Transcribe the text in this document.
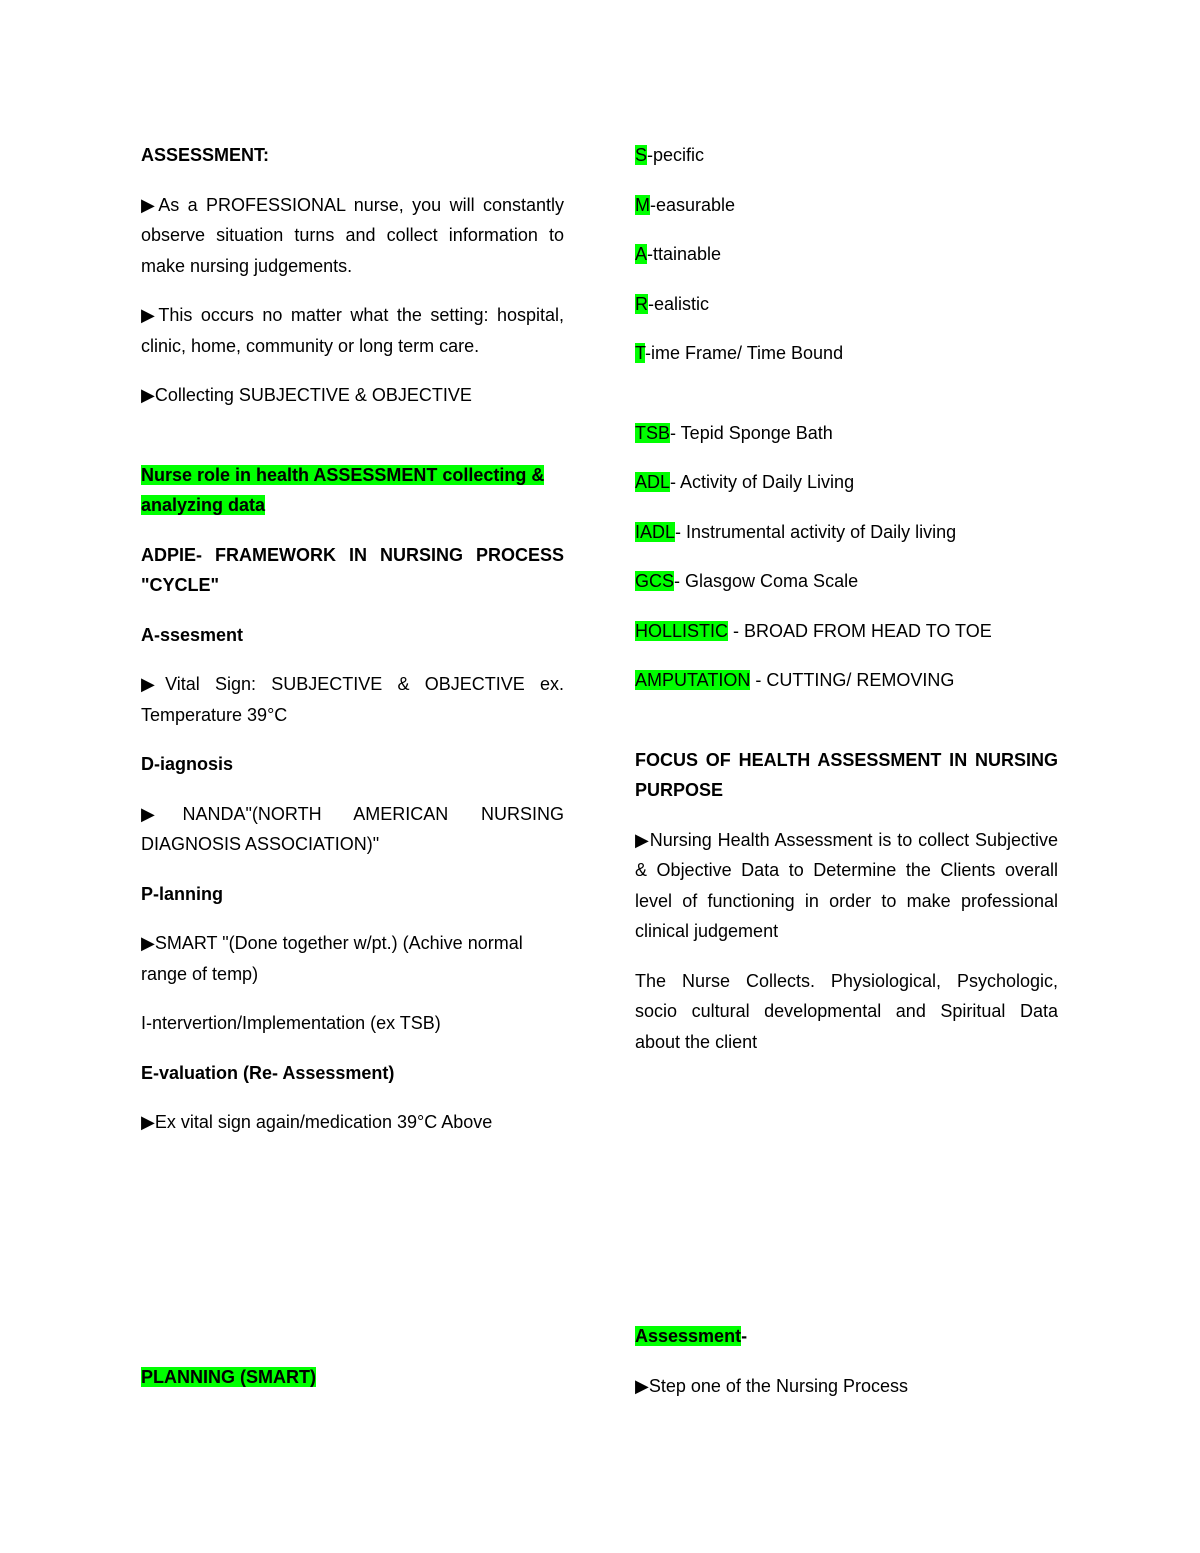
ASSESSMENT:

▶As a PROFESSIONAL nurse, you will constantly observe situation turns and collect information to make nursing judgements.

▶This occurs no matter what the setting: hospital, clinic, home, community or long term care.

▶Collecting SUBJECTIVE & OBJECTIVE

Nurse role in health ASSESSMENT collecting & analyzing data

ADPIE- FRAMEWORK IN NURSING PROCESS "CYCLE"

A-ssesment

▶Vital Sign: SUBJECTIVE & OBJECTIVE ex. Temperature 39°C

D-iagnosis

▶NANDA"(NORTH AMERICAN NURSING

DIAGNOSIS ASSOCIATION)"

P-lanning

▶SMART "(Done together w/pt.) (Achive normal range of temp)

I-ntervertion/Implementation (ex TSB)

E-valuation (Re- Assessment)

▶Ex vital sign again/medication 39°C Above

PLANNING (SMART)

S-pecific

M-easurable

A-ttainable

R-ealistic

T-ime Frame/ Time Bound

TSB- Tepid Sponge Bath

ADL- Activity of Daily Living

IADL- Instrumental activity of Daily living

GCS- Glasgow Coma Scale

HOLLISTIC - BROAD FROM HEAD TO TOE

AMPUTATION - CUTTING/ REMOVING

FOCUS OF HEALTH ASSESSMENT IN NURSING PURPOSE

▶Nursing Health Assessment is to collect Subjective & Objective Data to Determine the Clients overall level of functioning in order to make professional clinical judgement

The Nurse Collects. Physiological, Psychologic, socio cultural developmental and Spiritual Data about the client

Assessment-

▶Step one of the Nursing Process
